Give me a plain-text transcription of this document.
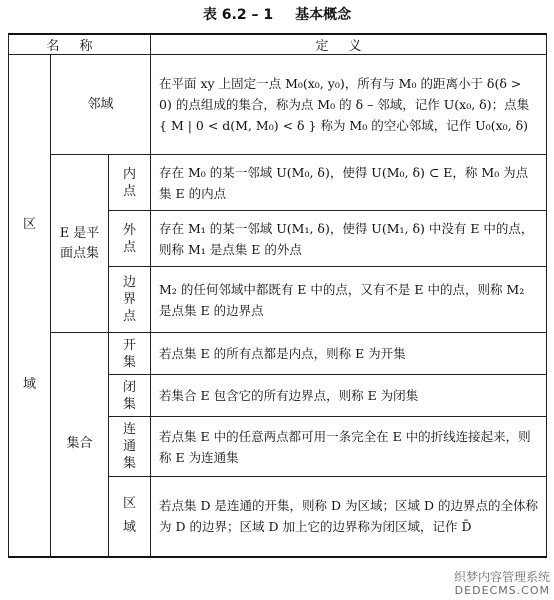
表 6.2 – 1 基本概念
名称			定义

区域	邻域		在平面 xy 上固定一点 M₀(x₀, y₀)，所有与 M₀ 的距离小于 δ(δ > 0) 的点组成的集合，称为点 M₀ 的 δ – 邻域，记作 U(x₀, δ)；点集 { M | 0 < d(M, M₀) < δ } 称为 M₀ 的空心邻域，记作 U₀(x₀, δ)

	E 是平面点集	内点	存在 M₀ 的某一邻域 U(M₀, δ)，使得 U(M₀, δ) ⊂ E，称 M₀ 为点集 E 的内点

		外点	存在 M₁ 的某一邻域 U(M₁, δ)，使得 U(M₁, δ) 中没有 E 中的点，则称 M₁ 是点集 E 的外点

		边界点	M₂ 的任何邻域中都既有 E 中的点，又有不是 E 中的点，则称 M₂ 是点集 E 的边界点
	集合	开集	若点集 E 的所有点都是内点，则称 E 为开集

		闭集	若集合 E 包含它的所有边界点，则称 E 为闭集

		连通集	若点集 E 中的任意两点都可用一条完全在 E 中的折线连接起来，则称 E 为连通集

		区域	若点集 D 是连通的开集，则称 D 为区域；区域 D 的边界点的全体称为 D 的边界；区域 D 加上它的边界称为闭区域，记作 D̄
织梦内容管理系统
DEDECMS.COM
